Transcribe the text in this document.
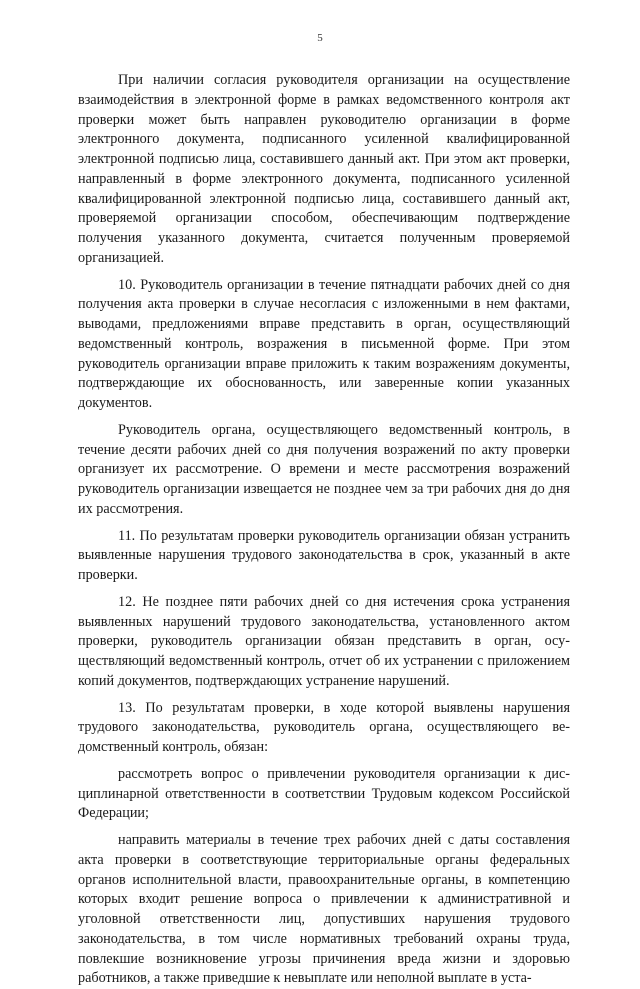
5

При наличии согласия руководителя организации на осуществление взаимодействия в электронной форме в рамках ведомственного контроля акт проверки может быть направлен руководителю организации в форме электронного документа, подписанного усиленной квалифицированной электронной подписью лица, составившего данный акт. При этом акт проверки, направленный в форме электронного документа, подписанного усиленной квалифицированной электронной подписью лица, составившего данный акт, проверяемой организации способом, обеспечивающим подтверждение получения указанного документа, считается полученным проверяемой организацией.

10. Руководитель организации в течение пятнадцати рабочих дней со дня получения акта проверки в случае несогласия с изложенными в нем фактами, выводами, предложениями вправе представить в орган, осуществляющий ведомственный контроль, возражения в письменной форме. При этом руководитель организации вправе приложить к таким возражениям документы, подтверждающие их обоснованность, или заверенные копии указанных документов.

Руководитель органа, осуществляющего ведомственный контроль, в течение десяти рабочих дней со дня получения возражений по акту проверки организует их рассмотрение. О времени и месте рассмотрения возражений руководитель организации извещается не позднее чем за три рабочих дня до дня их рассмотрения.

11. По результатам проверки руководитель организации обязан устранить выявленные нарушения трудового законодательства в срок, указанный в акте проверки.

12. Не позднее пяти рабочих дней со дня истечения срока устранения выявленных нарушений трудового законодательства, установленного актом проверки, руководитель организации обязан представить в орган, осуществляющий ведомственный контроль, отчет об их устранении с приложением копий документов, подтверждающих устранение нарушений.

13. По результатам проверки, в ходе которой выявлены нарушения трудового законодательства, руководитель органа, осуществляющего ведомственный контроль, обязан:

рассмотреть вопрос о привлечении руководителя организации к дисциплинарной ответственности в соответствии Трудовым кодексом Российской Федерации;

направить материалы в течение трех рабочих дней с даты составления акта проверки в соответствующие территориальные органы федеральных органов исполнительной власти, правоохранительные органы, в компетенцию которых входит решение вопроса о привлечении к административной и уголовной ответственности лиц, допустивших нарушения трудового законодательства, в том числе нормативных требований охраны труда, повлекшие возникновение угрозы причинения вреда жизни и здоровью работников, а также приведшие к невыплате или неполной выплате в уста-
